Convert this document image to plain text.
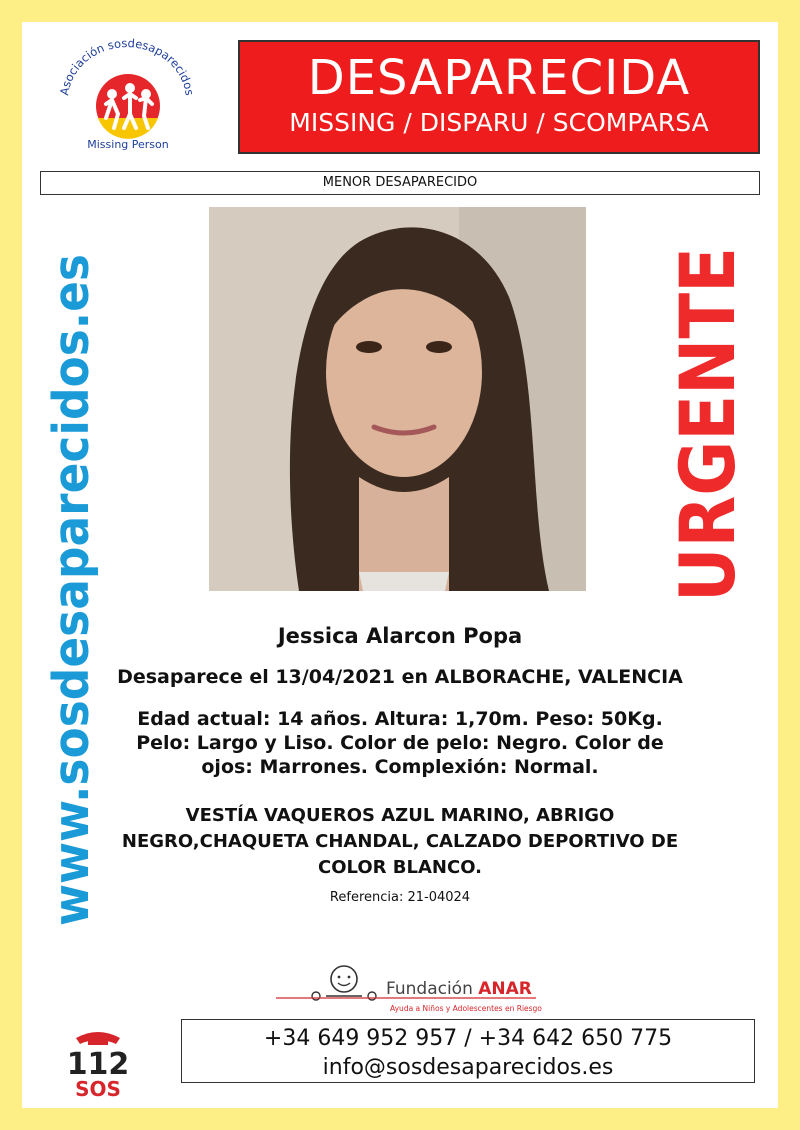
Asociación sosdesaparecidos
Missing Person
DESAPARECIDA
MISSING / DISPARU / SCOMPARSA
MENOR DESAPARECIDO
www.sosdesaparecidos.es	URGENTE
Jessica Alarcon Popa
Desaparece el 13/04/2021 en ALBORACHE, VALENCIA
Edad actual: 14 años. Altura: 1,70m. Peso: 50Kg.
Pelo: Largo y Liso. Color de pelo: Negro. Color de
ojos: Marrones. Complexión: Normal.
VESTÍA VAQUEROS AZUL MARINO, ABRIGO
NEGRO,CHAQUETA CHANDAL, CALZADO DEPORTIVO DE
COLOR BLANCO.
Referencia: 21-04024
Fundación ANAR
Ayuda a Niños y Adolescentes en Riesgo
112
SOS
+34 649 952 957 / +34 642 650 775
info@sosdesaparecidos.es
